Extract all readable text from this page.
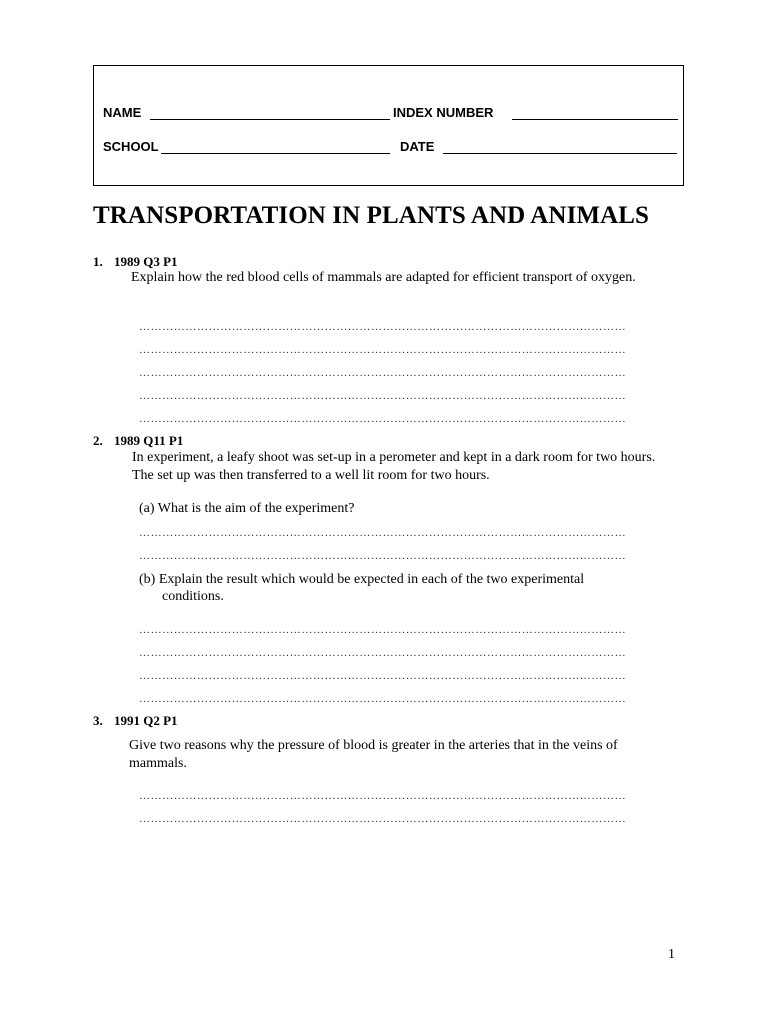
NAME	INDEX NUMBER
SCHOOL	DATE
TRANSPORTATION IN PLANTS AND ANIMALS
1. 1989 Q3 P1
Explain how the red blood cells of mammals are adapted for efficient transport of oxygen.
………………………………………………………………………………………………………………
………………………………………………………………………………………………………………
………………………………………………………………………………………………………………
………………………………………………………………………………………………………………
………………………………………………………………………………………………………………
2. 1989 Q11 P1
In experiment, a leafy shoot was set-up in a perometer and kept in a dark room for two hours. The set up was then transferred to a well lit room for two hours.
(a) What is the aim of the experiment?
………………………………………………………………………………………………………………
………………………………………………………………………………………………………………
(b) Explain the result which would be expected in each of the two experimental
conditions.
………………………………………………………………………………………………………………
………………………………………………………………………………………………………………
………………………………………………………………………………………………………………
………………………………………………………………………………………………………………
3. 1991 Q2 P1
Give two reasons why the pressure of blood is greater in the arteries that in the veins of mammals.
………………………………………………………………………………………………………………
………………………………………………………………………………………………………………
1
